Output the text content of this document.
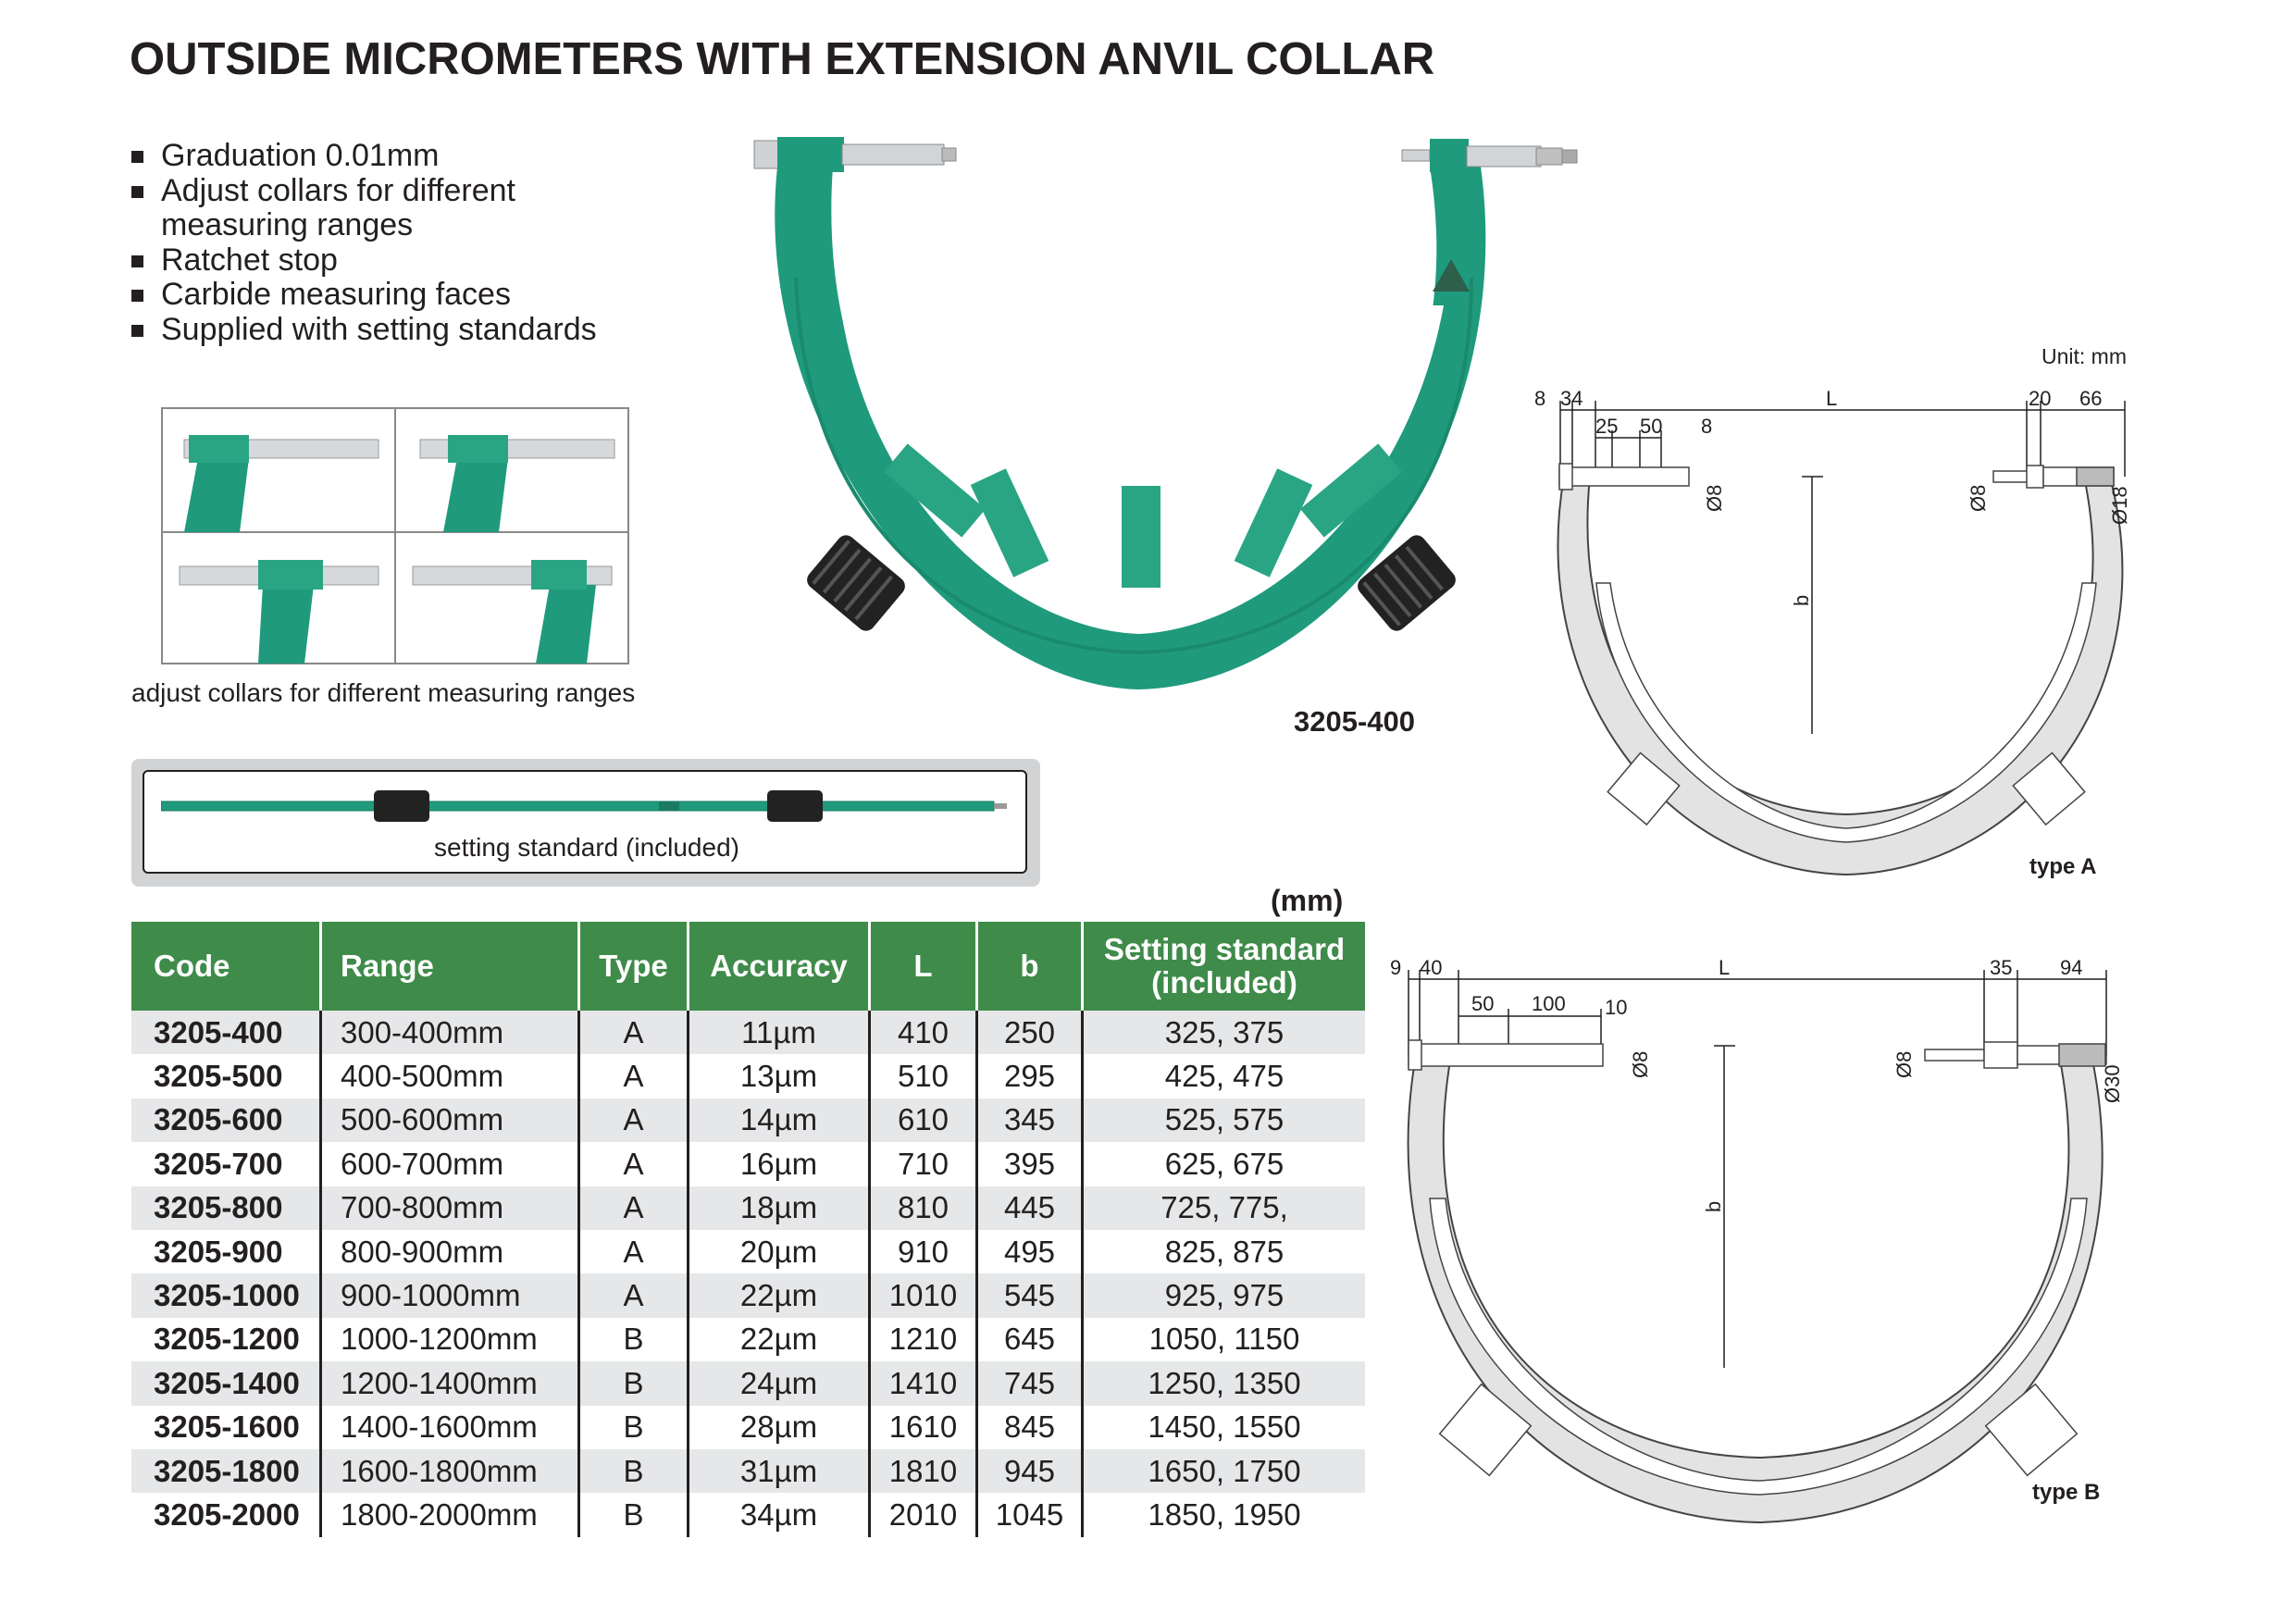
OUTSIDE MICROMETERS WITH EXTENSION ANVIL COLLAR
Graduation 0.01mm
Adjust collars for different measuring ranges
Ratchet stop
Carbide measuring faces
Supplied with setting standards
adjust collars for different measuring ranges
3205-400
setting standard (included)
Unit: mm
8 34
25 50 8
L	20 66
b
Ø8	Ø8	Ø18
type A
9 40
50 100 10
L	35 94
b
Ø8	Ø8
Ø30
type B
(mm)
Code	Range	Type	Accuracy	L	b	Setting standard (included)
3205-400	300-400mm	A	11µm	410	250	325, 375
3205-500	400-500mm	A	13µm	510	295	425, 475
3205-600	500-600mm	A	14µm	610	345	525, 575
3205-700	600-700mm	A	16µm	710	395	625, 675
3205-800	700-800mm	A	18µm	810	445	725, 775,
3205-900	800-900mm	A	20µm	910	495	825, 875
3205-1000	900-1000mm	A	22µm	1010	545	925, 975
3205-1200	1000-1200mm	B	22µm	1210	645	1050, 1150
3205-1400	1200-1400mm	B	24µm	1410	745	1250, 1350
3205-1600	1400-1600mm	B	28µm	1610	845	1450, 1550
3205-1800	1600-1800mm	B	31µm	1810	945	1650, 1750
3205-2000	1800-2000mm	B	34µm	2010	1045	1850, 1950
